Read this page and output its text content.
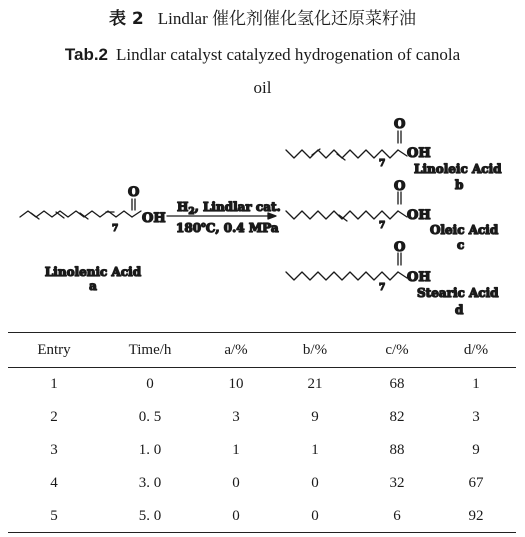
表 2 Lindlar 催化剂催化氢化还原菜籽油
Tab.2 Lindlar catalyst catalyzed hydrogenation of canola oil
O
OH
7
Linolenic Acid
a
$H_2$, Lindlar cat.
180℃, 0.4 MPa
O
OH
7 Linoleic Acid
b
O
OH
7	Oleic Acid
c
O
OH
7	Stearic Acid
d
Entry	Time/h	a/%	b/%	c/%	d/%
1	0	10	21	68	1
2	0. 5	3	9	82	3
3	1. 0	1	1	88	9
4	3. 0	0	0	32	67
5	5. 0	0	0	6	92
